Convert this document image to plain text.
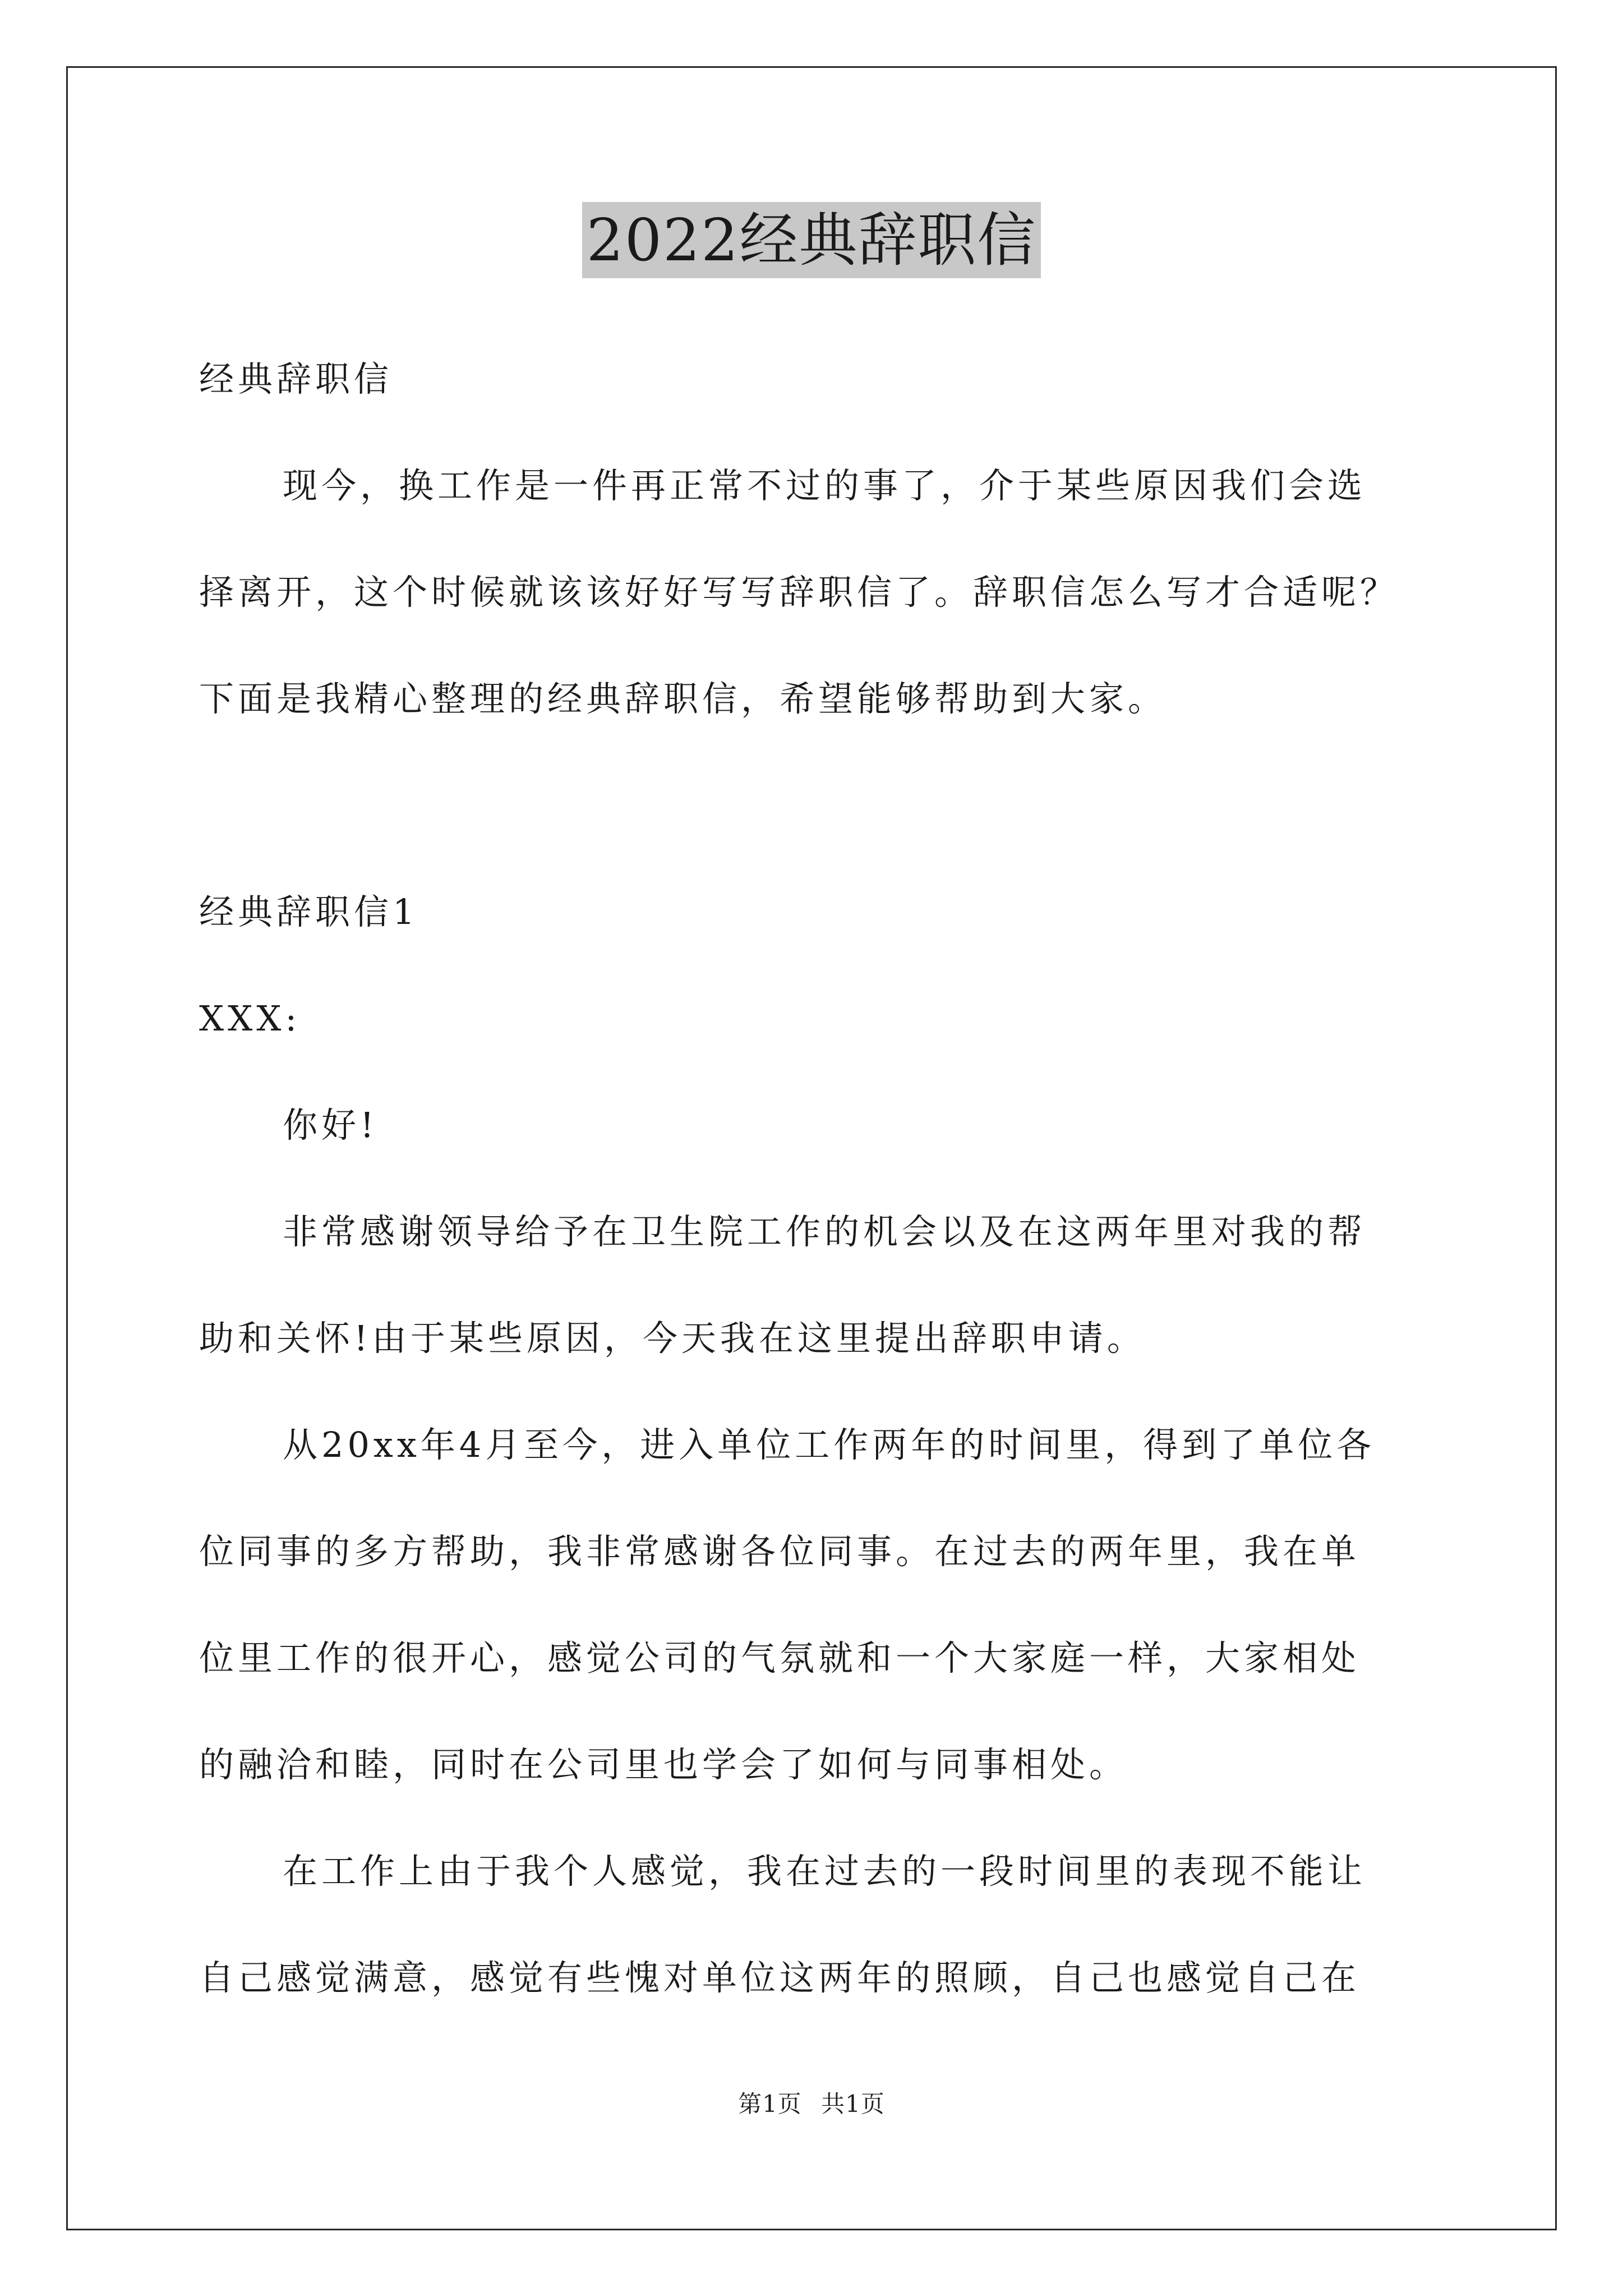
2022经典辞职信
经典辞职信
现今，换工作是一件再正常不过的事了，介于某些原因我们会选
择离开，这个时候就该该好好写写辞职信了。辞职信怎么写才合适呢？
下面是我精心整理的经典辞职信，希望能够帮助到大家。
经典辞职信1
XXX:
你好!
非常感谢领导给予在卫生院工作的机会以及在这两年里对我的帮
助和关怀!由于某些原因，今天我在这里提出辞职申请。
从20xx年4月至今，进入单位工作两年的时间里，得到了单位各
位同事的多方帮助，我非常感谢各位同事。在过去的两年里，我在单
位里工作的很开心，感觉公司的气氛就和一个大家庭一样，大家相处
的融洽和睦，同时在公司里也学会了如何与同事相处。
在工作上由于我个人感觉，我在过去的一段时间里的表现不能让
自己感觉满意，感觉有些愧对单位这两年的照顾，自己也感觉自己在
第1页 共1页
